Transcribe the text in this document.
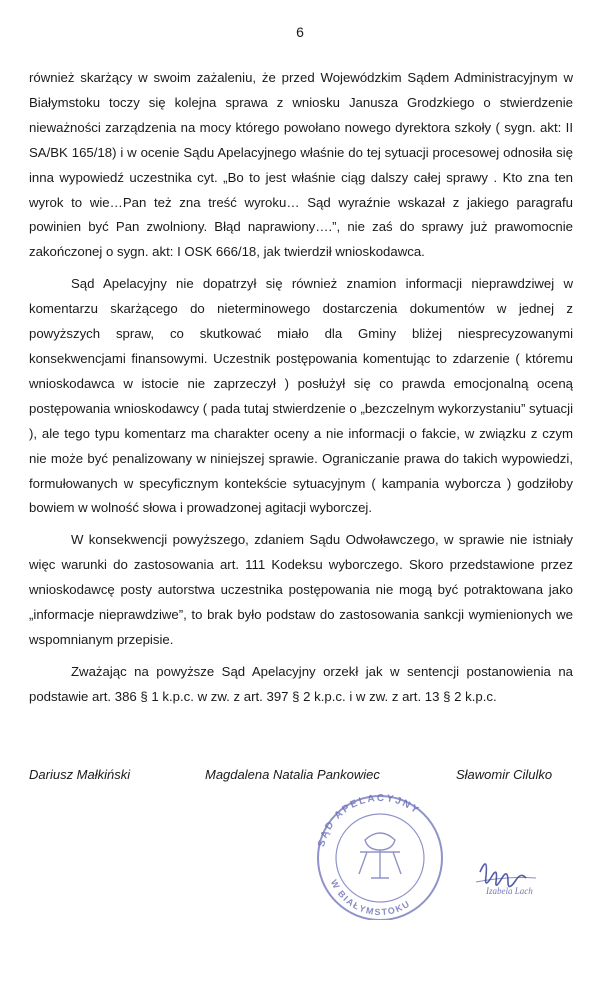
6

również skarżący w swoim zażaleniu, że przed Wojewódzkim Sądem Administracyjnym w Białymstoku toczy się kolejna sprawa z wniosku Janusza Grodzkiego o stwierdzenie nieważności zarządzenia na mocy którego powołano nowego dyrektora szkoły ( sygn. akt: II SA/BK 165/18) i w ocenie Sądu Apelacyjnego właśnie do tej sytuacji procesowej odnosiła się inna wypowiedź uczestnika cyt. „Bo to jest właśnie ciąg dalszy całej sprawy . Kto zna ten wyrok to wie…Pan też zna treść wyroku… Sąd wyraźnie wskazał z jakiego paragrafu powinien być Pan zwolniony. Błąd naprawiony….”, nie zaś do sprawy już prawomocnie zakończonej o sygn. akt: I OSK 666/18, jak twierdził wnioskodawca.

Sąd Apelacyjny nie dopatrzył się również znamion informacji nieprawdziwej w komentarzu skarżącego do nieterminowego dostarczenia dokumentów w jednej z powyższych spraw, co skutkować miało dla Gminy bliżej niesprecyzowanymi konsekwencjami finansowymi. Uczestnik postępowania komentując to zdarzenie ( któremu wnioskodawca w istocie nie zaprzeczył ) posłużył się co prawda emocjonalną oceną postępowania wnioskodawcy ( pada tutaj stwierdzenie o „bezczelnym wykorzystaniu” sytuacji ), ale tego typu komentarz ma charakter oceny a nie informacji o fakcie, w związku z czym nie może być penalizowany w niniejszej sprawie. Ograniczanie prawa do takich wypowiedzi, formułowanych w specyficznym kontekście sytuacyjnym ( kampania wyborcza ) godziłoby bowiem w wolność słowa i prowadzonej agitacji wyborczej.

W konsekwencji powyższego, zdaniem Sądu Odwoławczego, w sprawie nie istniały więc warunki do zastosowania art. 111 Kodeksu wyborczego. Skoro przedstawione przez wnioskodawcę posty autorstwa uczestnika postępowania nie mogą być potraktowana jako „informacje nieprawdziwe”, to brak było podstaw do zastosowania sankcji wymienionych we wspomnianym przepisie.

Zważając na powyższe Sąd Apelacyjny orzekł jak w sentencji postanowienia na podstawie art. 386 § 1 k.p.c. w zw. z art. 397 § 2 k.p.c. i w zw. z art. 13 § 2 k.p.c.

Dariusz Małkiński	Magdalena Natalia Pankowiec	Sławomir Cilulko
SĄD APELACYJNY
W BIAŁYMSTOKU
Izabela Lach
